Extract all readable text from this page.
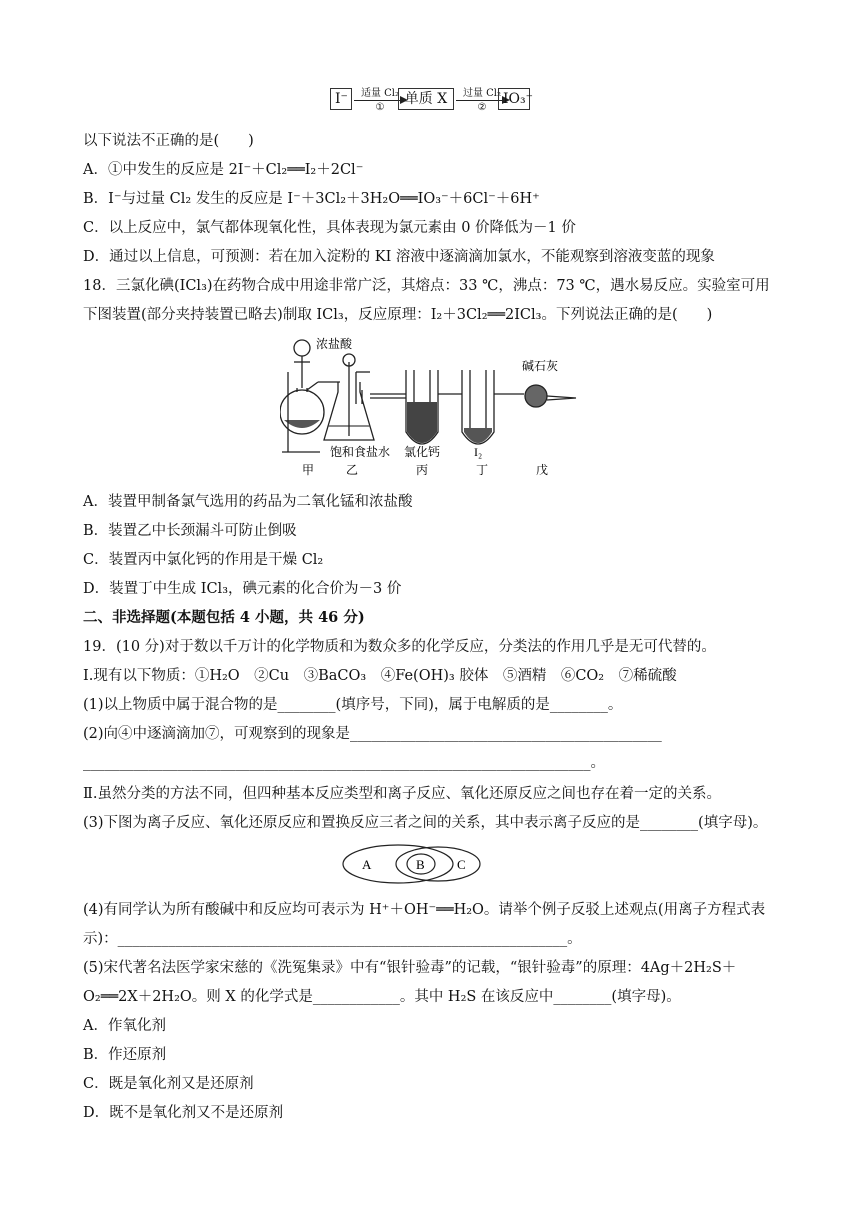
I⁻	适量 Cl₂
①
单质 X	过量 Cl₂
②
IO₃⁻
以下说法不正确的是(　　)
A．①中发生的反应是 2I⁻＋Cl₂══I₂＋2Cl⁻
B．I⁻与过量 Cl₂ 发生的反应是 I⁻＋3Cl₂＋3H₂O══IO₃⁻＋6Cl⁻＋6H⁺
C．以上反应中，氯气都体现氧化性，具体表现为氯元素由 0 价降低为－1 价
D．通过以上信息，可预测：若在加入淀粉的 KI 溶液中逐滴滴加氯水，不能观察到溶液变蓝的现象
18．三氯化碘(ICl₃)在药物合成中用途非常广泛，其熔点：33 ℃，沸点：73 ℃，遇水易反应。实验室可用
下图装置(部分夹持装置已略去)制取 ICl₃，反应原理：I₂＋3Cl₂══2ICl₃。下列说法正确的是(　　)
浓盐酸
碱石灰
饱和食盐水 氯化钙	I₂
甲	乙	丙	丁	戊
A．装置甲制备氯气选用的药品为二氧化锰和浓盐酸
B．装置乙中长颈漏斗可防止倒吸
C．装置丙中氯化钙的作用是干燥 Cl₂
D．装置丁中生成 ICl₃，碘元素的化合价为－3 价
二、非选择题(本题包括 4 小题，共 46 分)
19．(10 分)对于数以千万计的化学物质和为数众多的化学反应，分类法的作用几乎是无可代替的。
Ⅰ.现有以下物质：①H₂O　②Cu　③BaCO₃　④Fe(OH)₃ 胶体　⑤酒精　⑥CO₂　⑦稀硫酸
(1)以上物质中属于混合物的是________(填序号，下同)，属于电解质的是________。
(2)向④中逐滴滴加⑦，可观察到的现象是___________________________________________
______________________________________________________________________。
Ⅱ.虽然分类的方法不同，但四种基本反应类型和离子反应、氧化还原反应之间也存在着一定的关系。
(3)下图为离子反应、氧化还原反应和置换反应三者之间的关系，其中表示离子反应的是________(填字母)。
A	B C
(4)有同学认为所有酸碱中和反应均可表示为 H⁺＋OH⁻══H₂O。请举个例子反驳上述观点(用离子方程式表
示)：______________________________________________________________。
(5)宋代著名法医学家宋慈的《洗冤集录》中有“银针验毒”的记载，“银针验毒”的原理：4Ag＋2H₂S＋
O₂══2X＋2H₂O。则 X 的化学式是____________。其中 H₂S 在该反应中________(填字母)。
A．作氧化剂
B．作还原剂
C．既是氧化剂又是还原剂
D．既不是氧化剂又不是还原剂
